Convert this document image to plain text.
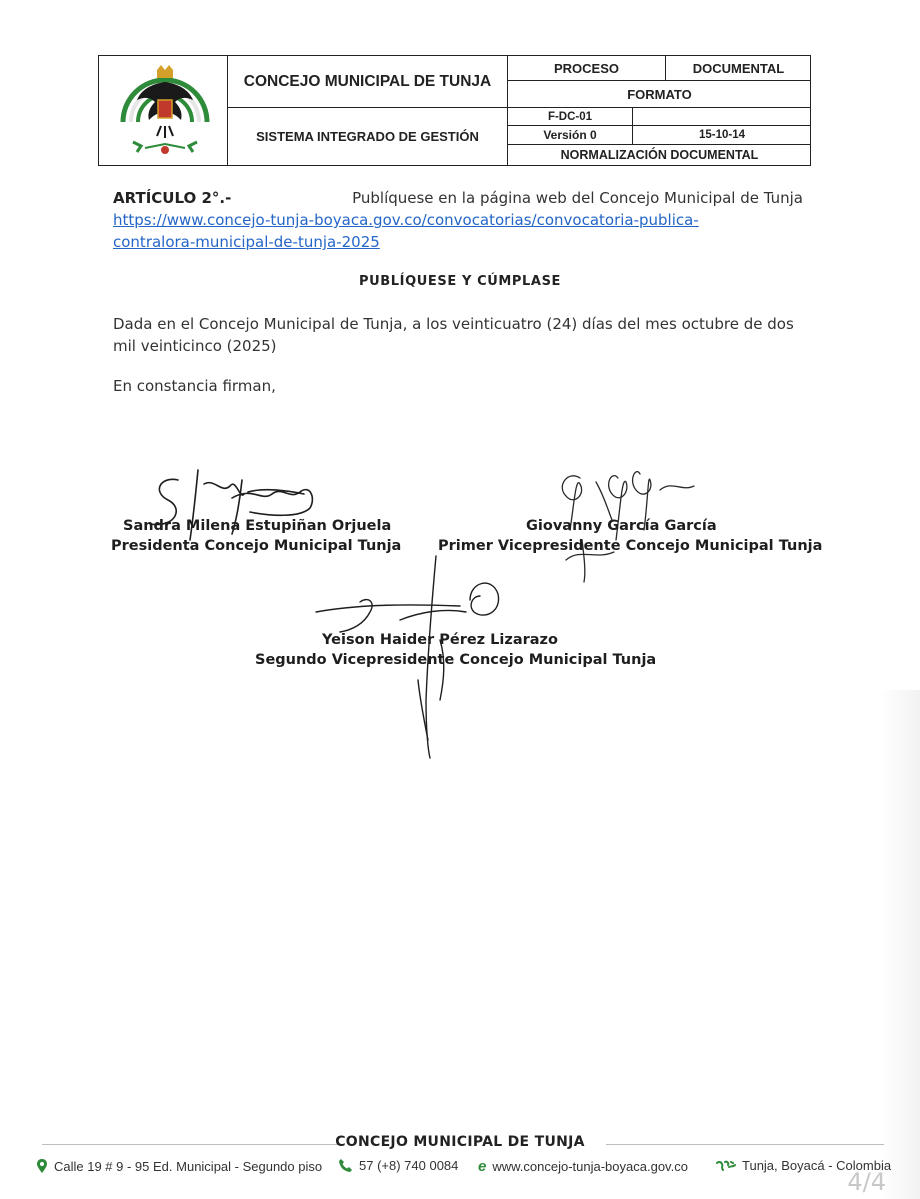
CONCEJO MUNICIPAL DE TUNJA
SISTEMA INTEGRADO DE GESTIÓN
PROCESO	DOCUMENTAL
FORMATO
F-DC-01
Versión 0	15-10-14
NORMALIZACIÓN DOCUMENTAL
ARTÍCULO 2°.-	Publíquese en la página web del Concejo Municipal de Tunja
https://www.concejo-tunja-boyaca.gov.co/convocatorias/convocatoria-publica-
contralora-municipal-de-tunja-2025
PUBLÍQUESE Y CÚMPLASE
Dada en el Concejo Municipal de Tunja, a los veinticuatro (24) días del mes octubre de dos
mil veinticinco (2025)
En constancia firman,
Sandra Milena Estupiñan Orjuela
Presidenta Concejo Municipal Tunja
Giovanny García García
Primer Vicepresidente Concejo Municipal Tunja
Yeison Haider Pérez Lizarazo
Segundo Vicepresidente Concejo Municipal Tunja
CONCEJO MUNICIPAL DE TUNJA
Calle 19 # 9 - 95 Ed. Municipal - Segundo piso	57 (+8) 740 0084 e www.concejo-tunja-boyaca.gov.co	Tunja, Boyacá - Colombia
4/4
